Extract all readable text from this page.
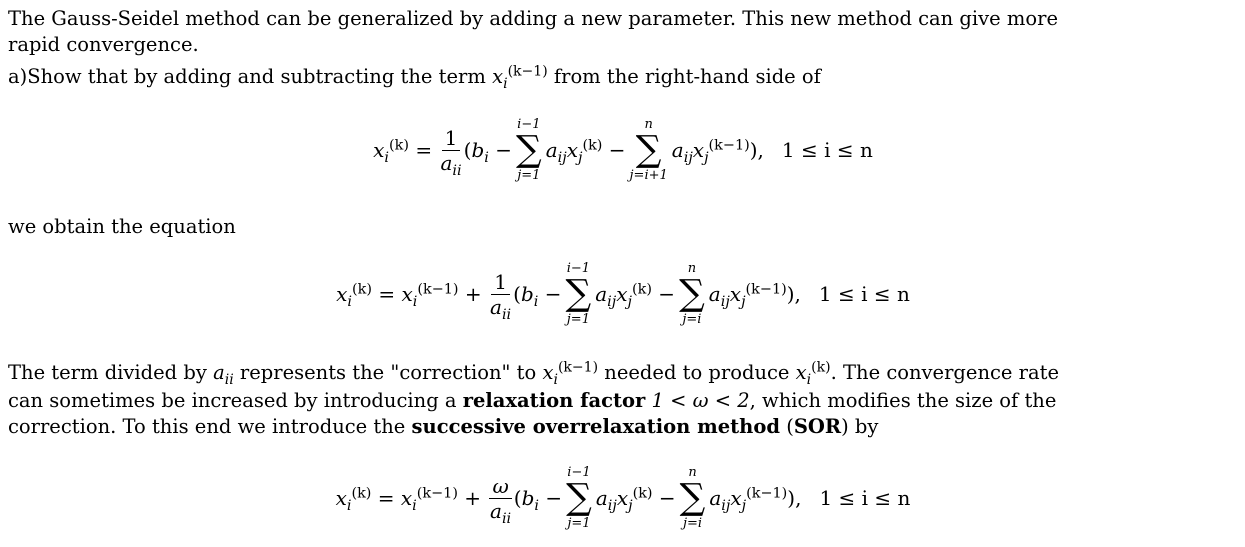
The Gauss-Seidel method can be generalized by adding a new parameter. This new method can give more

rapid convergence.

a)Show that by adding and subtracting the term $x_i^{(k-1)}$ from the right-hand side of

$x_i^{(k)} = \frac{1}{a_{ii}} (b_i$ −
i−1
∑
j=1
$a_{ij}x_j^{(k)}$ −
n
∑
j=i+1
$a_{ij}x_j^{(k-1)}$ ), 1 ≤ i ≤ n

we obtain the equation

$x_i^{(k)} = x_i^{(k-1)} + \frac{1}{a_{ii}} (b_i$ −
i−1
∑
j=1
$a_{ij}x_j^{(k)}$ −
n
∑
j=i
$a_{ij}x_j^{(k-1)}$ ), 1 ≤ i ≤ n

The term divided by $a_{ii}$ represents the "correction" to $x_i^{(k-1)}$ needed to produce $x_i^{(k)}$. The convergence rate

can sometimes be increased by introducing a relaxation factor 1 < ω < 2, which modifies the size of the

correction. To this end we introduce the successive overrelaxation method (SOR) by

$x_i^{(k)} = x_i^{(k-1)} + \frac{\omega}{a_{ii}} (b_i$ −
i−1
∑
j=1
$a_{ij}x_j^{(k)}$ −
n
∑
j=i
$a_{ij}x_j^{(k-1)}$ ), 1 ≤ i ≤ n
